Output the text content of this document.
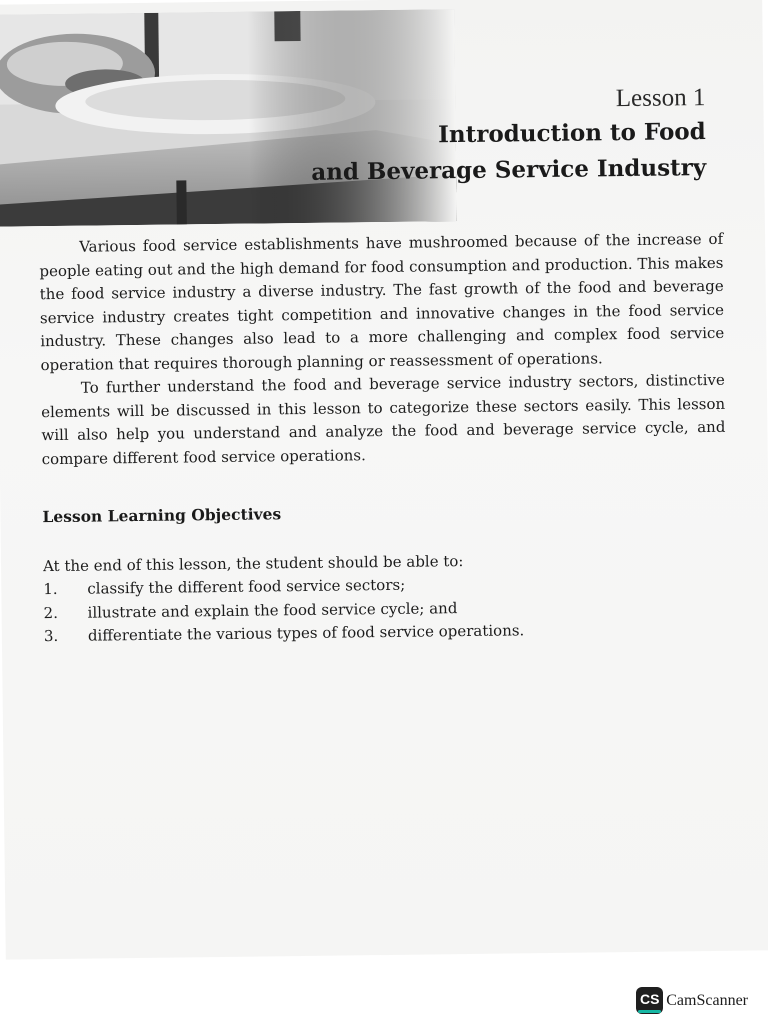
Lesson 1
Introduction to Food
and Beverage Service Industry

Various food service establishments have mushroomed because of the increase of people eating out and the high demand for food consumption and production. This makes the food service industry a diverse industry. The fast growth of the food and beverage service industry creates tight competition and innovative changes in the food service industry. These changes also lead to a more challenging and complex food service operation that requires thorough planning or reassessment of operations.

To further understand the food and beverage service industry sectors, distinctive elements will be discussed in this lesson to categorize these sectors easily. This lesson will also help you understand and analyze the food and beverage service cycle, and compare different food service operations.

Lesson Learning Objectives
At the end of this lesson, the student should be able to:
1.	classify the different food service sectors;
2.	illustrate and explain the food service cycle; and
3.	differentiate the various types of food service operations.
CS CamScanner
